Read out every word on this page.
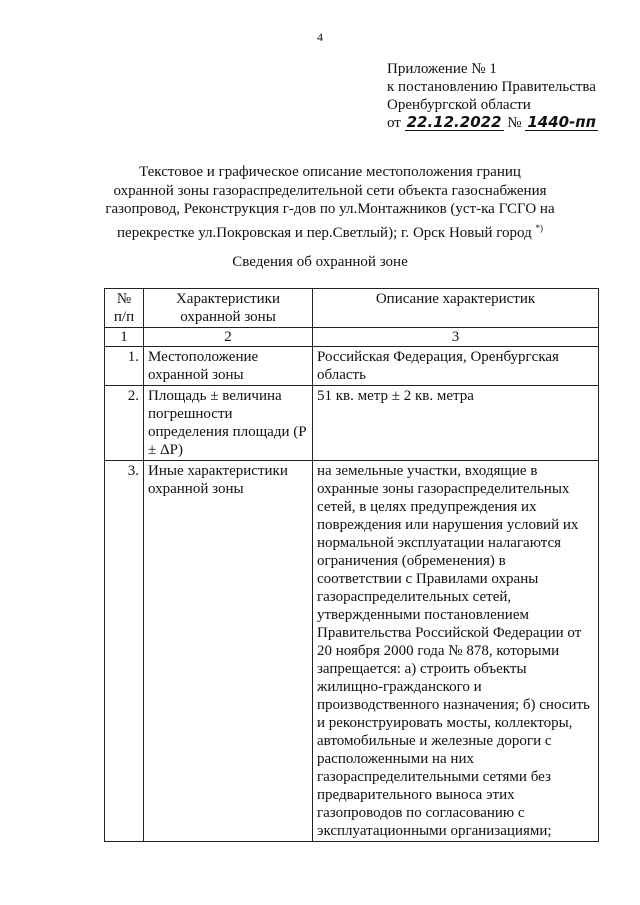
4
Приложение № 1
к постановлению Правительства
Оренбургской области
от 22.12.2022 № 1440-пп
Текстовое и графическое описание местоположения границ
охранной зоны газораспределительной сети объекта газоснабжения
газопровод, Реконструкция г-дов по ул.Монтажников (уст-ка ГСГО на
перекрестке ул.Покровская и пер.Светлый); г. Орск Новый город *)
Сведения об охранной зоне
№ п/п	Характеристики охранной зоны	Описание характеристик
1	2	3
1.	Местоположение охранной зоны	Российская Федерация, Оренбургская область
2.	Площадь ± величина погрешности определения площади (Р ± ΔР)	51 кв. метр ± 2 кв. метра
3.	Иные характеристики охранной зоны	на земельные участки, входящие в охранные зоны газораспределительных сетей, в целях предупреждения их повреждения или нарушения условий их нормальной эксплуатации налагаются ограничения (обременения) в соответствии с Правилами охраны газораспределительных сетей, утвержденными постановлением Правительства Российской Федерации от 20 ноября 2000 года № 878, которыми запрещается: а) строить объекты жилищно-гражданского и производственного назначения; б) сносить и реконструировать мосты, коллекторы, автомобильные и железные дороги с расположенными на них газораспределительными сетями без предварительного выноса этих газопроводов по согласованию с эксплуатационными организациями;
